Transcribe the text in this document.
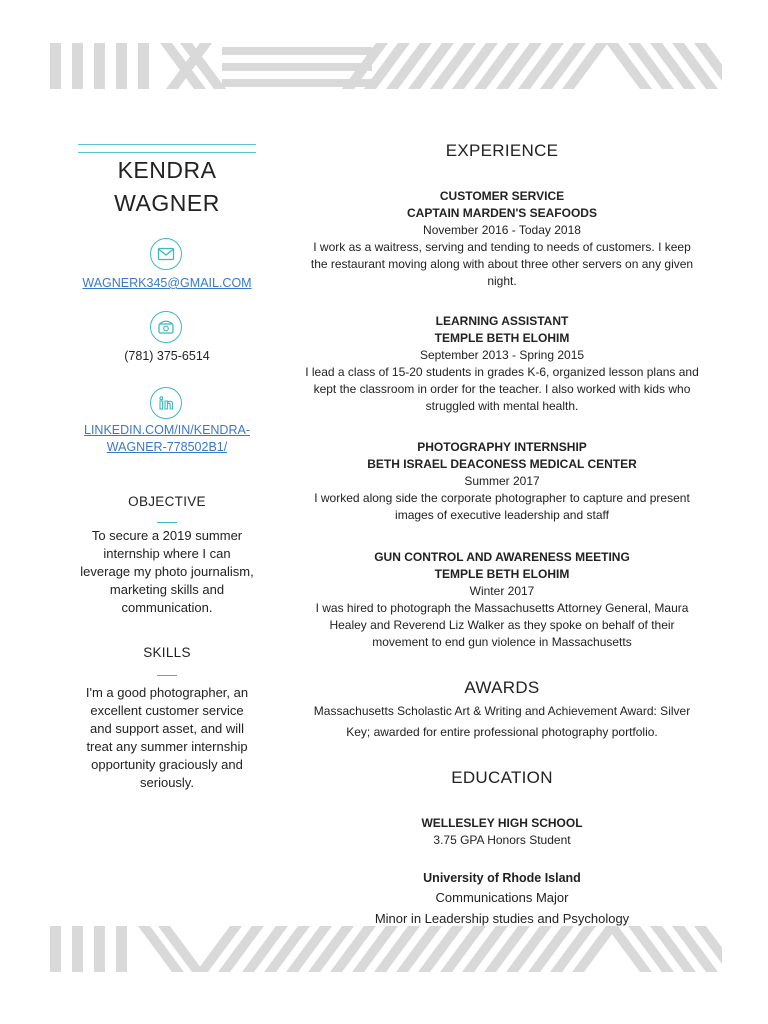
KENDRA
WAGNER
WAGNERK345@GMAIL.COM
(781) 375-6514
LINKEDIN.COM/IN/KENDRA-
WAGNER-778502B1/
OBJECTIVE
To secure a 2019 summer internship where I can leverage my photo journalism, marketing skills and communication.
SKILLS
I'm a good photographer, an excellent customer service and support asset, and will treat any summer internship opportunity graciously and seriously.
EXPERIENCE
CUSTOMER SERVICE
CAPTAIN MARDEN'S SEAFOODS
November 2016 - Today 2018
I work as a waitress, serving and tending to needs of customers. I keep the restaurant moving along with about three other servers on any given night.
LEARNING ASSISTANT
TEMPLE BETH ELOHIM
September 2013 - Spring 2015
I lead a class of 15-20 students in grades K-6, organized lesson plans and kept the classroom in order for the teacher. I also worked with kids who struggled with mental health.
PHOTOGRAPHY INTERNSHIP
BETH ISRAEL DEACONESS MEDICAL CENTER
Summer 2017
I worked along side the corporate photographer to capture and present images of executive leadership and staff
GUN CONTROL AND AWARENESS MEETING
TEMPLE BETH ELOHIM
Winter 2017
I was hired to photograph the Massachusetts Attorney General, Maura Healey and Reverend Liz Walker as they spoke on behalf of their movement to end gun violence in Massachusetts
AWARDS
Massachusetts Scholastic Art & Writing and Achievement Award: Silver Key; awarded for entire professional photography portfolio.
EDUCATION
WELLESLEY HIGH SCHOOL
3.75 GPA Honors Student
University of Rhode Island
Communications Major
Minor in Leadership studies and Psychology
